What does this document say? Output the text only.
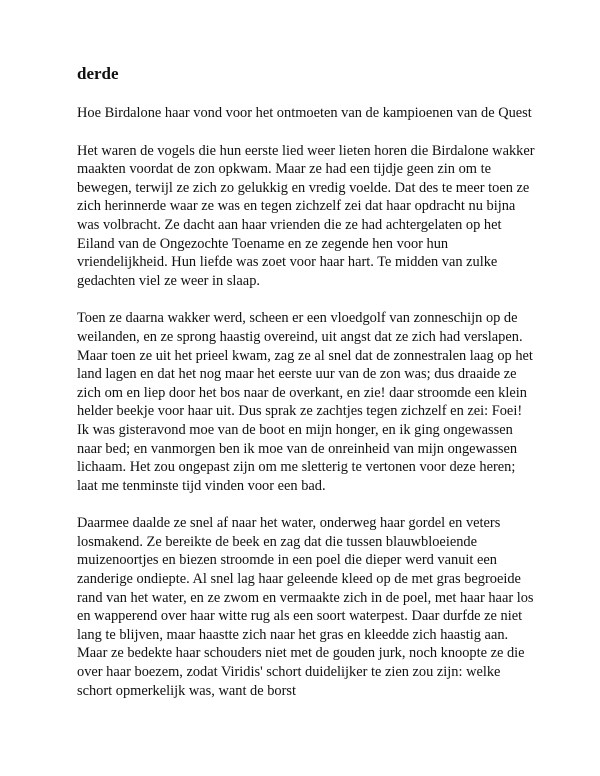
derde
Hoe Birdalone haar vond voor het ontmoeten van de kampioenen van de Quest
Het waren de vogels die hun eerste lied weer lieten horen die Birdalone wakker maakten voordat de zon opkwam. Maar ze had een tijdje geen zin om te bewegen, terwijl ze zich zo gelukkig en vredig voelde. Dat des te meer toen ze zich herinnerde waar ze was en tegen zichzelf zei dat haar opdracht nu bijna was volbracht. Ze dacht aan haar vrienden die ze had achtergelaten op het Eiland van de Ongezochte Toename en ze zegende hen voor hun vriendelijkheid. Hun liefde was zoet voor haar hart. Te midden van zulke gedachten viel ze weer in slaap.
Toen ze daarna wakker werd, scheen er een vloedgolf van zonneschijn op de weilanden, en ze sprong haastig overeind, uit angst dat ze zich had verslapen. Maar toen ze uit het prieel kwam, zag ze al snel dat de zonnestralen laag op het land lagen en dat het nog maar het eerste uur van de zon was; dus draaide ze zich om en liep door het bos naar de overkant, en zie! daar stroomde een klein helder beekje voor haar uit. Dus sprak ze zachtjes tegen zichzelf en zei: Foei! Ik was gisteravond moe van de boot en mijn honger, en ik ging ongewassen naar bed; en vanmorgen ben ik moe van de onreinheid van mijn ongewassen lichaam. Het zou ongepast zijn om me sletterig te vertonen voor deze heren; laat me tenminste tijd vinden voor een bad.
Daarmee daalde ze snel af naar het water, onderweg haar gordel en veters losmakend. Ze bereikte de beek en zag dat die tussen blauwbloeiende muizenoortjes en biezen stroomde in een poel die dieper werd vanuit een zanderige ondiepte. Al snel lag haar geleende kleed op de met gras begroeide rand van het water, en ze zwom en vermaakte zich in de poel, met haar haar los en wapperend over haar witte rug als een soort waterpest. Daar durfde ze niet lang te blijven, maar haastte zich naar het gras en kleedde zich haastig aan. Maar ze bedekte haar schouders niet met de gouden jurk, noch knoopte ze die over haar boezem, zodat Viridis' schort duidelijker te zien zou zijn: welke schort opmerkelijk was, want de borst
